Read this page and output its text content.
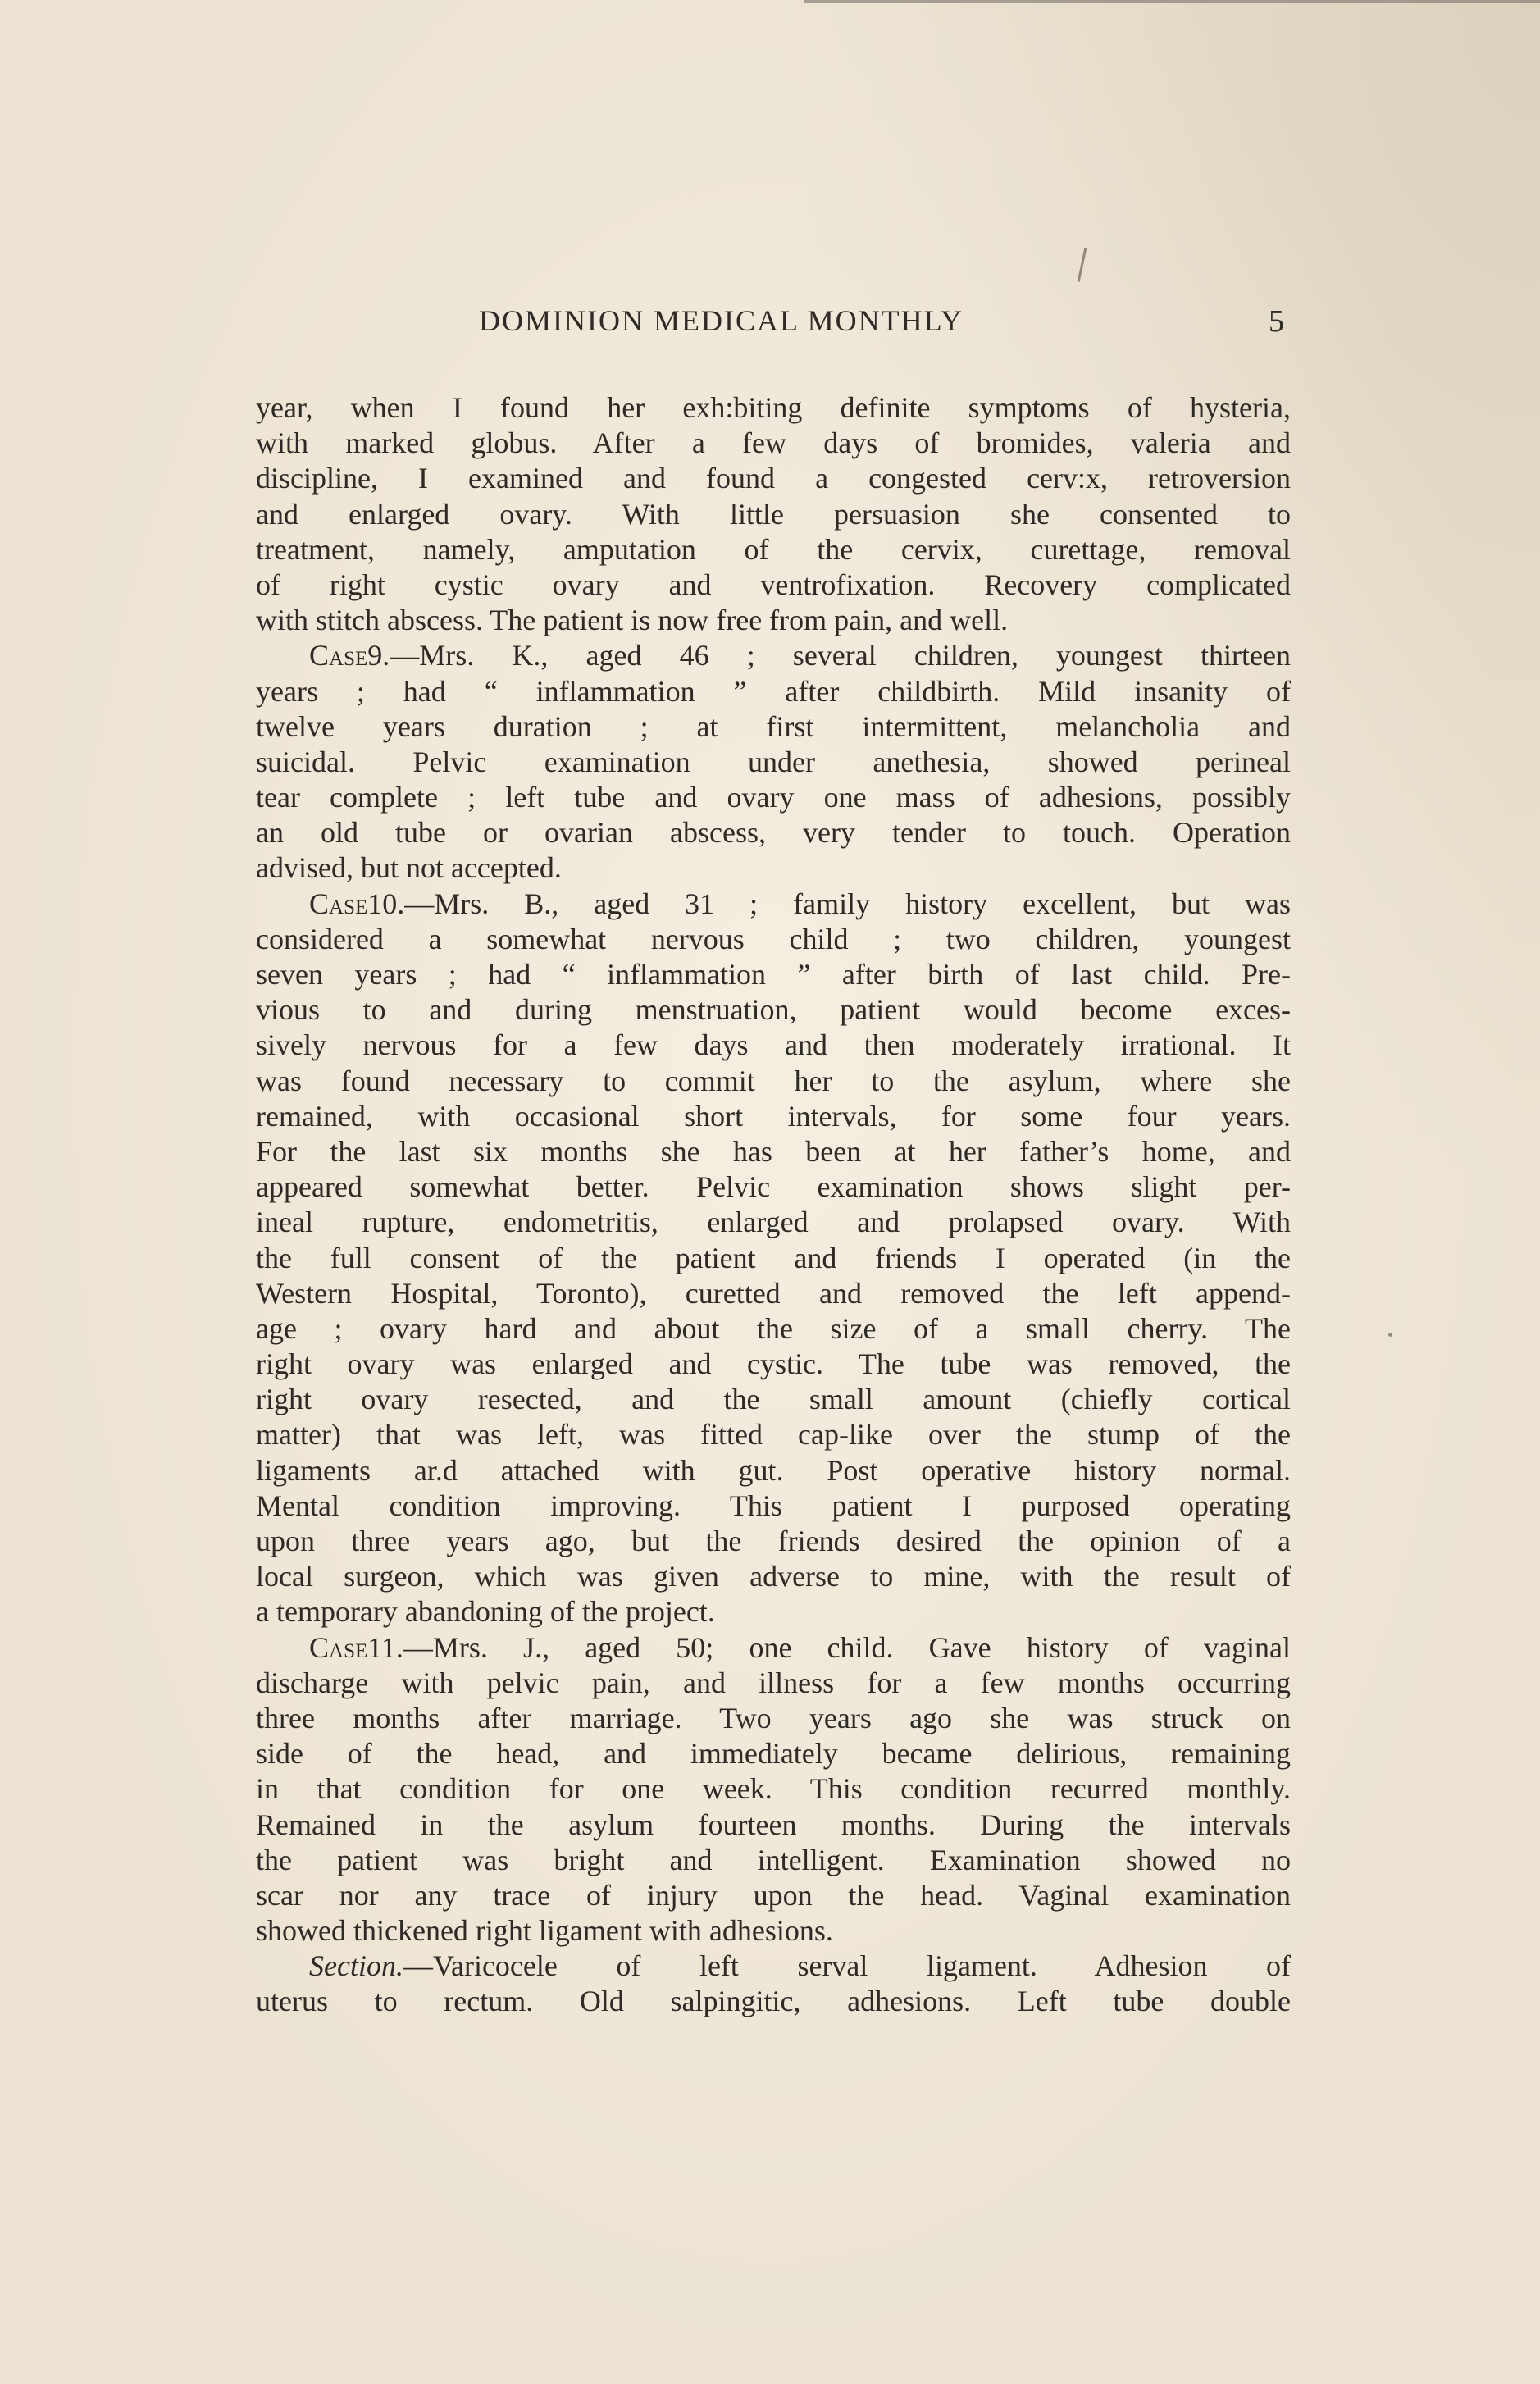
DOMINION MEDICAL MONTHLY	5
year, when I found her exh:biting definite symptoms of hysteria,
with marked globus. After a few days of bromides, valeria and
discipline, I examined and found a congested cerv:x, retroversion
and enlarged ovary. With little persuasion she consented to
treatment, namely, amputation of the cervix, curettage, removal
of right cystic ovary and ventrofixation. Recovery complicated
with stitch abscess. The patient is now free from pain, and well.
Case9.—Mrs. K., aged 46 ; several children, youngest thirteen
years ; had “ inflammation ” after childbirth. Mild insanity of
twelve years duration ; at first intermittent, melancholia and
suicidal. Pelvic examination under anethesia, showed perineal
tear complete ; left tube and ovary one mass of adhesions, possibly
an old tube or ovarian abscess, very tender to touch. Operation
advised, but not accepted.
Case10.—Mrs. B., aged 31 ; family history excellent, but was
considered a somewhat nervous child ; two children, youngest
seven years ; had “ inflammation ” after birth of last child. Pre-
vious to and during menstruation, patient would become exces-
sively nervous for a few days and then moderately irrational. It
was found necessary to commit her to the asylum, where she
remained, with occasional short intervals, for some four years.
For the last six months she has been at her father’s home, and
appeared somewhat better. Pelvic examination shows slight per-
ineal rupture, endometritis, enlarged and prolapsed ovary. With
the full consent of the patient and friends I operated (in the
Western Hospital, Toronto), curetted and removed the left append-
age ; ovary hard and about the size of a small cherry. The
right ovary was enlarged and cystic. The tube was removed, the
right ovary resected, and the small amount (chiefly cortical
matter) that was left, was fitted cap-like over the stump of the
ligaments ar.d attached with gut. Post operative history normal.
Mental condition improving. This patient I purposed operating
upon three years ago, but the friends desired the opinion of a
local surgeon, which was given adverse to mine, with the result of
a temporary abandoning of the project.
Case11.—Mrs. J., aged 50; one child. Gave history of vaginal
discharge with pelvic pain, and illness for a few months occurring
three months after marriage. Two years ago she was struck on
side of the head, and immediately became delirious, remaining
in that condition for one week. This condition recurred monthly.
Remained in the asylum fourteen months. During the intervals
the patient was bright and intelligent. Examination showed no
scar nor any trace of injury upon the head. Vaginal examination
showed thickened right ligament with adhesions.
Section.—Varicocele of left serval ligament. Adhesion of
uterus to rectum. Old salpingitic, adhesions. Left tube double
